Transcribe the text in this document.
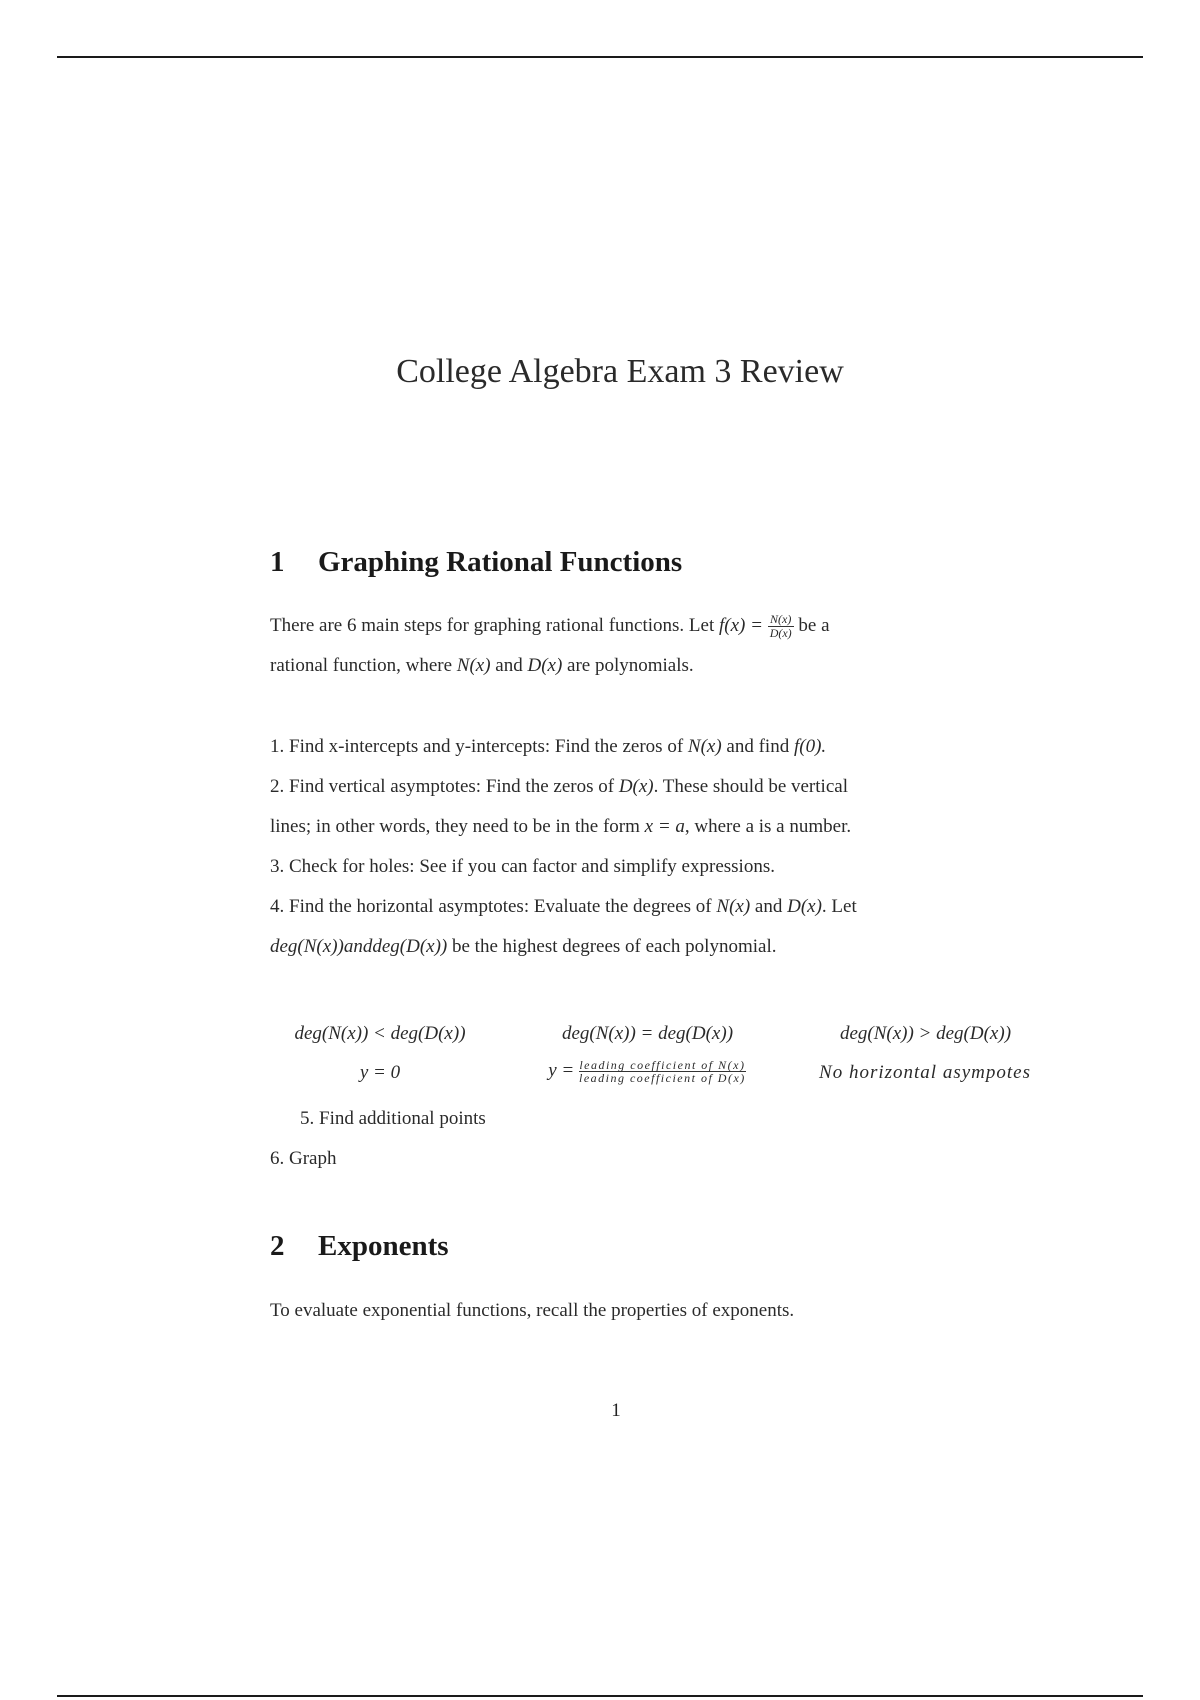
College Algebra Exam 3 Review
1 Graphing Rational Functions
There are 6 main steps for graphing rational functions. Let $f(x) = \frac{N(x)}{D(x)}$ be a
rational function, where N(x) and D(x) are polynomials.
1. Find x-intercepts and y-intercepts: Find the zeros of N(x) and find f(0).
2. Find vertical asymptotes: Find the zeros of D(x). These should be vertical
lines; in other words, they need to be in the form x = a, where a is a number.
3. Check for holes: See if you can factor and simplify expressions.
4. Find the horizontal asymptotes: Evaluate the degrees of N(x) and D(x). Let
deg(N(x))anddeg(D(x)) be the highest degrees of each polynomial.
deg(N(x)) < deg(D(x))	deg(N(x)) = deg(D(x))	deg(N(x)) > deg(D(x))
y = 0	$y = \frac{\text{leading coefficient of N(x)}}{\text{leading coefficient of D(x)}}$	No horizontal asympotes
5. Find additional points
6. Graph
2 Exponents
To evaluate exponential functions, recall the properties of exponents.
1
